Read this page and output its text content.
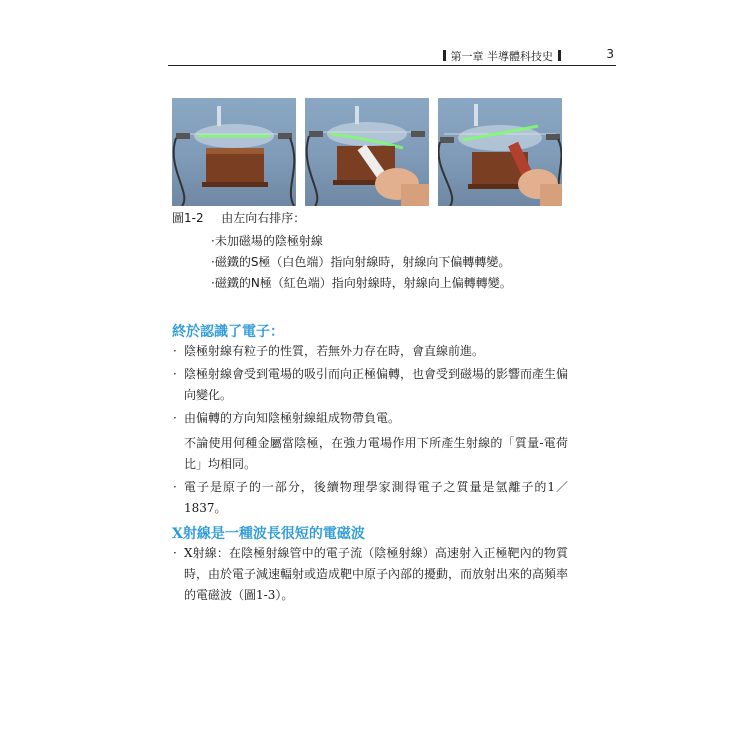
第一章 半導體科技史	3
圖1-2 由左向右排序：
·未加磁場的陰極射線
·磁鐵的S極（白色端）指向射線時，射線向下偏轉轉變。
·磁鐵的N極（紅色端）指向射線時，射線向上偏轉轉變。
終於認識了電子：
· 陰極射線有粒子的性質，若無外力存在時，會直線前進。
· 陰極射線會受到電場的吸引而向正極偏轉，也會受到磁場的影響而產生偏向變化。
· 由偏轉的方向知陰極射線組成物帶負電。
不論使用何種金屬當陰極，在強力電場作用下所產生射線的「質量-電荷比」均相同。
· 電子是原子的一部分，後續物理學家測得電子之質量是氫離子的1／1837。
X射線是一種波長很短的電磁波
· X射線：在陰極射線管中的電子流（陰極射線）高速射入正極靶內的物質時，由於電子減速輻射或造成靶中原子內部的擾動，而放射出來的高頻率的電磁波（圖1-3）。
